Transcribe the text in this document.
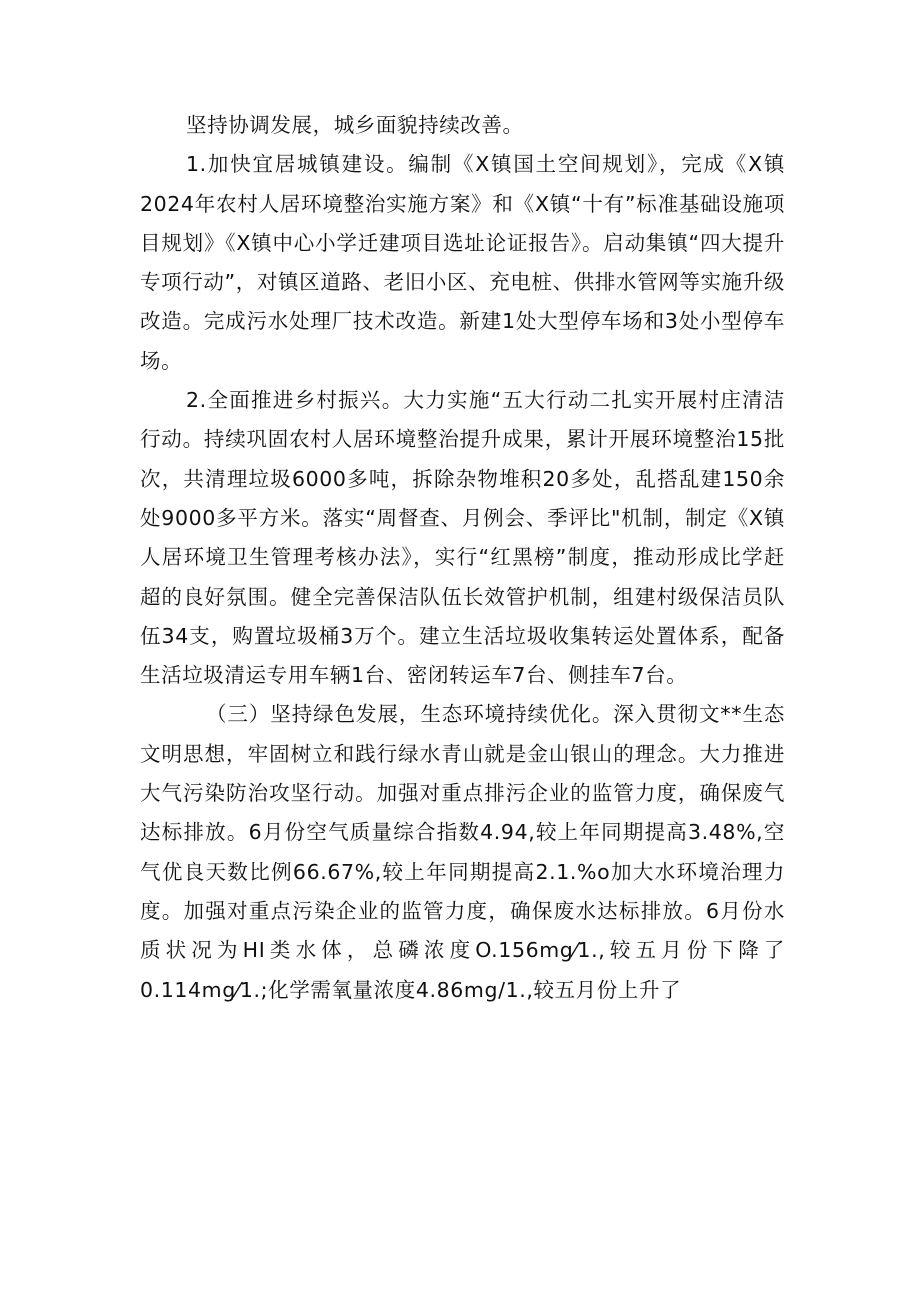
坚持协调发展，城乡面貌持续改善。

1.加快宜居城镇建设。编制《X镇国土空间规划》，完成《X镇2024年农村人居环境整治实施方案》和《X镇“十有”标准基础设施项目规划》《X镇中心小学迁建项目选址论证报告》。启动集镇“四大提升专项行动”，对镇区道路、老旧小区、充电桩、供排水管网等实施升级改造。完成污水处理厂技术改造。新建1处大型停车场和3处小型停车场。

2.全面推进乡村振兴。大力实施“五大行动二扎实开展村庄清洁行动。持续巩固农村人居环境整治提升成果，累计开展环境整治15批次，共清理垃圾6000多吨，拆除杂物堆积20多处，乱搭乱建150余处9000多平方米。落实“周督查、月例会、季评比"机制，制定《X镇人居环境卫生管理考核办法》，实行“红黑榜”制度，推动形成比学赶超的良好氛围。健全完善保洁队伍长效管护机制，组建村级保洁员队伍34支，购置垃圾桶3万个。建立生活垃圾收集转运处置体系，配备生活垃圾清运专用车辆1台、密闭转运车7台、侧挂车7台。

（三）坚持绿色发展，生态环境持续优化。深入贯彻文**生态文明思想，牢固树立和践行绿水青山就是金山银山的理念。大力推进大气污染防治攻坚行动。加强对重点排污企业的监管力度，确保废气达标排放。6月份空气质量综合指数4.94,较上年同期提高3.48%,空气优良天数比例66.67%,较上年同期提高2.1.%o加大水环境治理力度。加强对重点污染企业的监管力度，确保废水达标排放。6月份水质状况为HI类水体，总磷浓度O.156mg⁄1.,较五月份下降了0.114mg⁄1.;化学需氧量浓度4.86mg/1.,较五月份上升了
